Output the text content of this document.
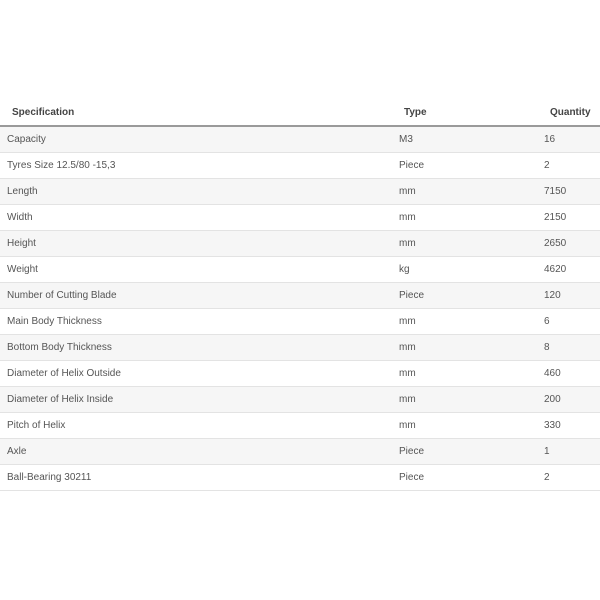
Specification	Type	Quantity
Capacity	M3	16
Tyres Size 12.5/80 -15,3	Piece	2
Length	mm	7150
Width	mm	2150
Height	mm	2650
Weight	kg	4620
Number of Cutting Blade	Piece	120
Main Body Thickness	mm	6
Bottom Body Thickness	mm	8
Diameter of Helix Outside	mm	460
Diameter of Helix Inside	mm	200
Pitch of Helix	mm	330
Axle	Piece	1
Ball-Bearing 30211	Piece	2
